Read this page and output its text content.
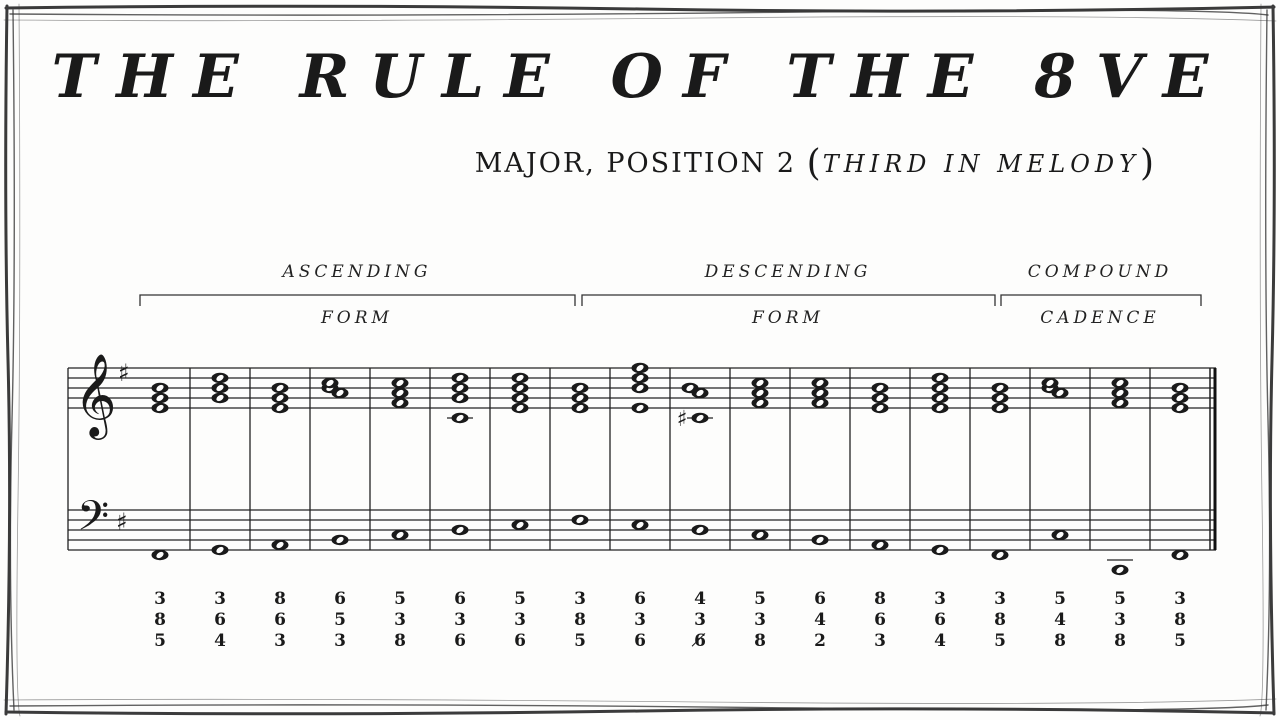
THE RULE OF THE 8VE

MAJOR, POSITION 2 (THIRD IN MELODY)

ASCENDING
FORM
DESCENDING
FORM
COMPOUND
CADENCE
𝄞 ♯
𝄢 ♯
♯
3
8
5
3
6
4
8
6
3
6
5
3
5
3
8
6
3
6
5
3
6
3
8
5
6
3
6
4
3
6̸
5
3
8
6
4
2
8
6
3
3
6
4
3
8
5
5
4
8
5
3
8
3
8
5
